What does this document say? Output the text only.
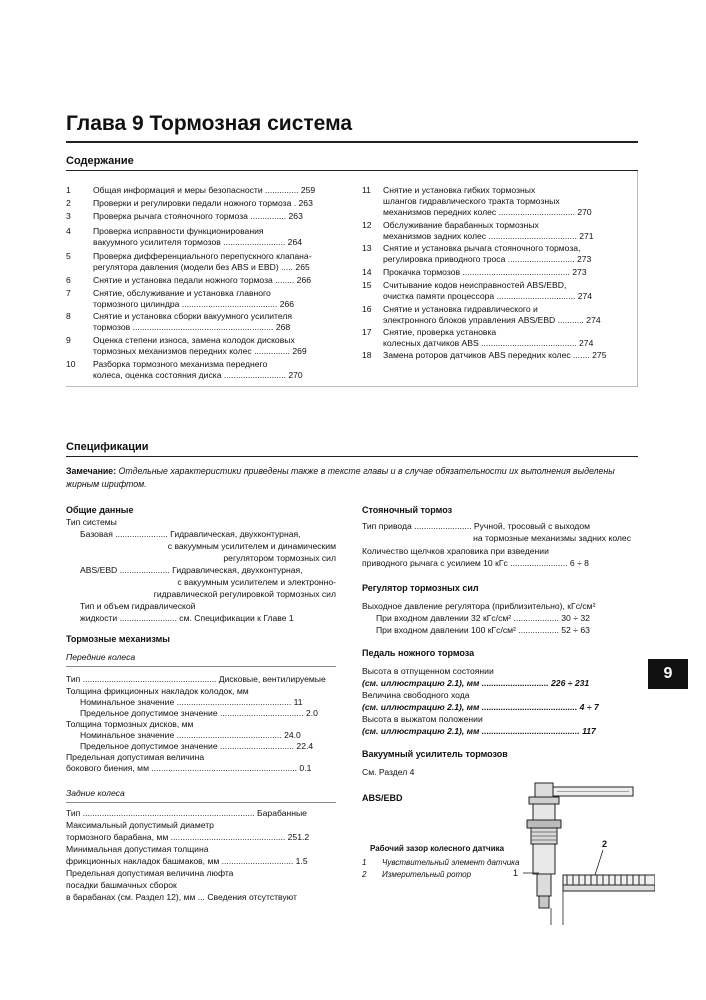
Глава 9 Тормозная система
Содержание
1	Общая информация и меры безопасности .............. 259
2	Проверки и регулировки педали ножного тормоза . 263
3	Проверка рычага стояночного тормоза ............... 263
4	Проверка исправности функционирования
вакуумного усилителя тормозов .......................... 264
5	Проверка дифференциального перепускного клапана-
регулятора давления (модели без ABS и EBD) ..... 265
6	Снятие и установка педали ножного тормоза ........ 266
7	Снятие, обслуживание и установка главного
тормозного цилиндра ........................................ 266
8	Снятие и установка сборки вакуумного усилителя
тормозов ........................................................... 268
9	Оценка степени износа, замена колодок дисковых
тормозных механизмов передних колес ............... 269
10 Разборка тормозного механизма переднего
колеса, оценка состояния диска .......................... 270
11 Снятие и установка гибких тормозных
шлангов гидравлического тракта тормозных
механизмов передних колес ................................ 270
12 Обслуживание барабанных тормозных
механизмов задних колес ..................................... 271
13 Снятие и установка рычага стояночного тормоза,
регулировка приводного троса ............................ 273
14 Прокачка тормозов ............................................. 273
15 Считывание кодов неисправностей ABS/EBD,
очистка памяти процессора ................................. 274
16 Снятие и установка гидравлического и
электронного блоков управления ABS/EBD ........... 274
17 Снятие, проверка установка
колесных датчиков ABS ........................................ 274
18 Замена роторов датчиков ABS передних колес ....... 275
Спецификации
Замечание: Отдельные характеристики приведены также в тексте главы и в случае обязательности их выполнения выделены жирным шрифтом.
Общие данные
Тип системы
Базовая ...................... Гидравлическая, двухконтурная,
с вакуумным усилителем и динамическим
регулятором тормозных сил
ABS/EBD ..................... Гидравлическая, двухконтурная,
с вакуумным усилителем и электронно-
гидравлической регулировкой тормозных сил
Тип и объем гидравлической
жидкости ........................ см. Спецификации к Главе 1
Тормозные механизмы
Передние колеса
Тип ........................................................ Дисковые, вентилируемые
Толщина фрикционных накладок колодок, мм
Номинальное значение ................................................ 11
Предельное допустимое значение ................................... 2.0
Толщина тормозных дисков, мм
Номинальное значение ............................................ 24.0
Предельное допустимое значение ............................... 22.4
Предельная допустимая величина
бокового биения, мм ............................................................. 0.1
Задние колеса
Тип ........................................................................ Барабанные
Максимальный допустимый диаметр
тормозного барабана, мм ................................................ 251.2
Минимальная допустимая толщина
фрикционных накладок башмаков, мм .............................. 1.5
Предельная допустимая величина люфта
посадки башмачных сборок
в барабанах (см. Раздел 12), мм ... Сведения отсутствуют
Стояночный тормоз
Тип привода ........................ Ручной, тросовый с выходом
на тормозные механизмы задних колес
Количество щелчков храповика при взведении
приводного рычага с усилием 10 кГс ........................ 6 ÷ 8
Регулятор тормозных сил
Выходное давление регулятора (приблизительно), кГс/см²
При входном давлении 32 кГс/см² ................... 30 ÷ 32
При входном давлении 100 кГс/см² ................. 52 ÷ 63
Педаль ножного тормоза
Высота в отпущенном состоянии
(см. иллюстрацию 2.1), мм ............................ 226 ÷ 231
Величина свободного хода
(см. иллюстрацию 2.1), мм ........................................ 4 ÷ 7
Высота в выжатом положении
(см. иллюстрацию 2.1), мм ......................................... 117
Вакуумный усилитель тормозов
См. Раздел 4
ABS/EBD
Рабочий зазор колесного датчика
1 Чувствительный элемент датчика
2 Измерительный ротор	1
2
9
